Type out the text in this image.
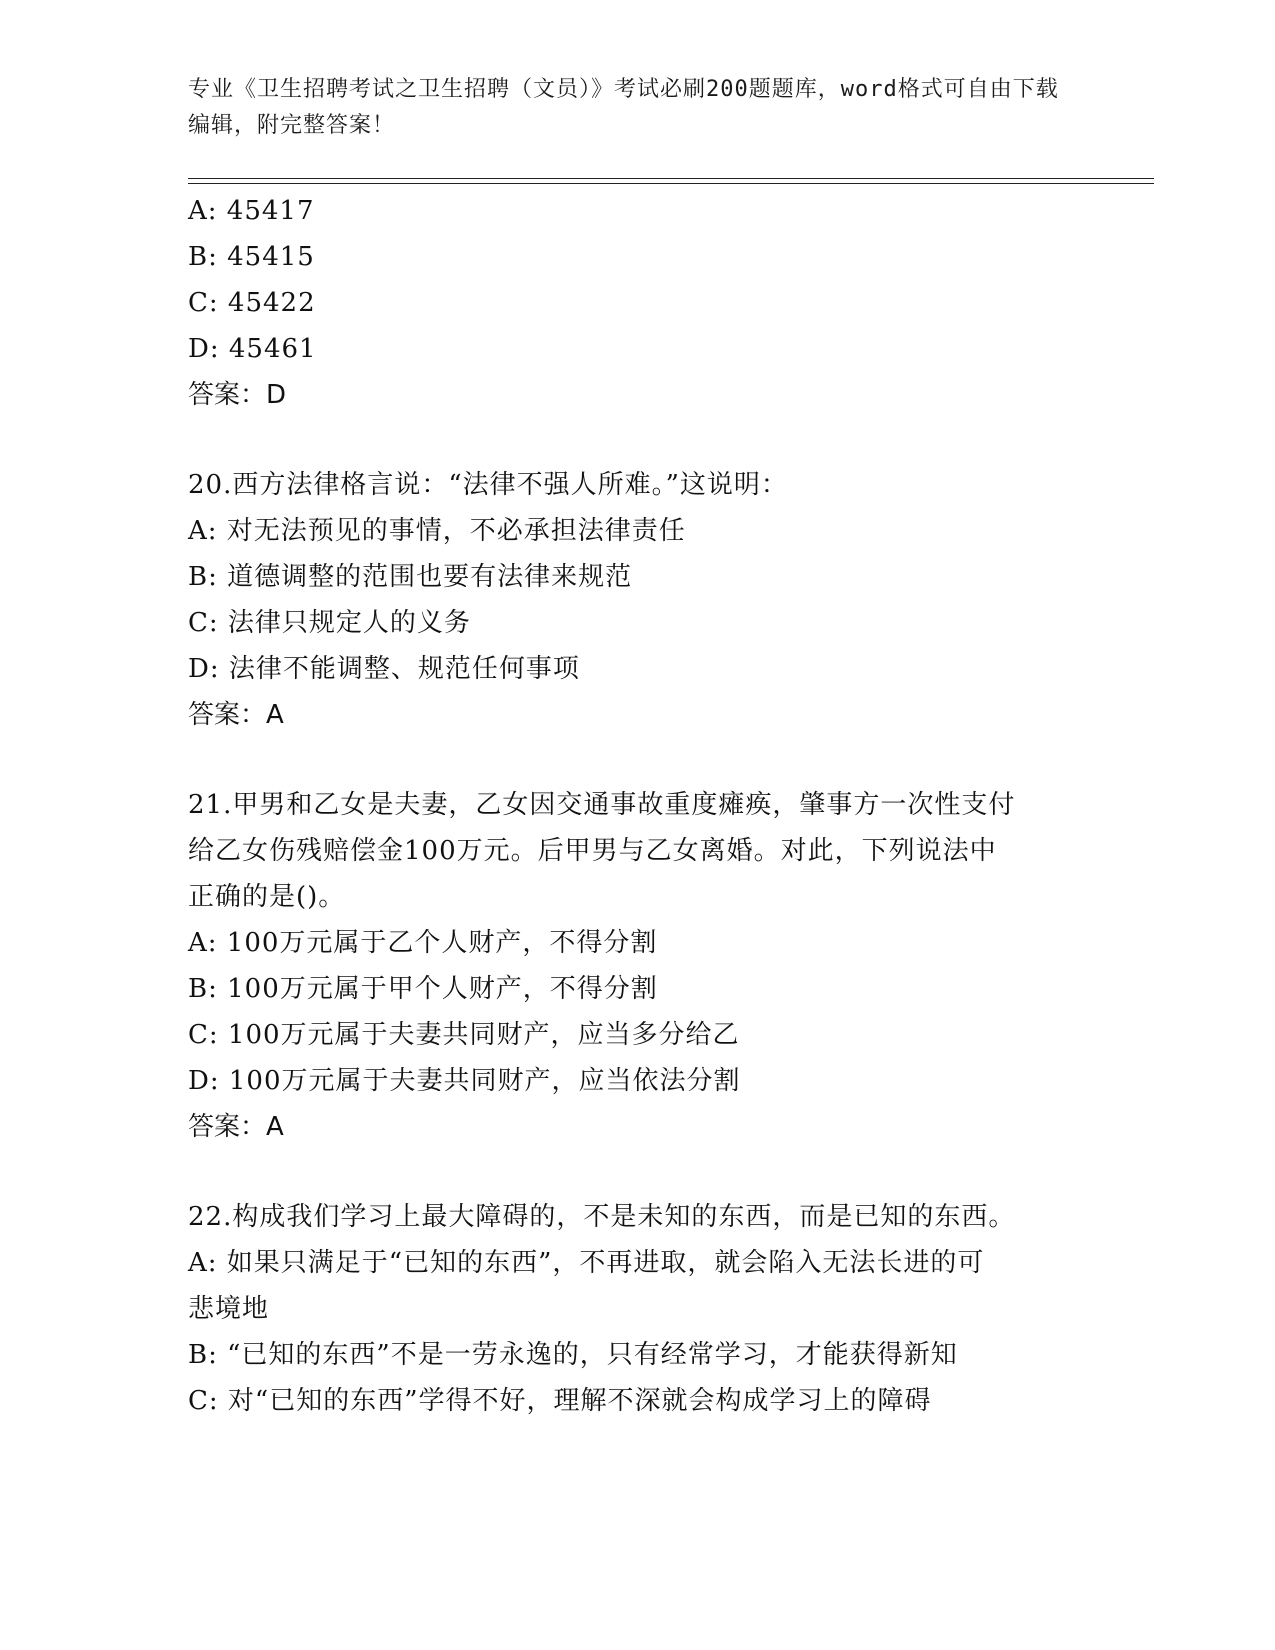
专业《卫生招聘考试之卫生招聘（文员）》考试必刷200题题库，word格式可自由下载编辑，附完整答案！
A: 45417
B: 45415
C: 45422
D: 45461
答案：D
20.西方法律格言说：“法律不强人所难。”这说明：
A: 对无法预见的事情，不必承担法律责任
B: 道德调整的范围也要有法律来规范
C: 法律只规定人的义务
D: 法律不能调整、规范任何事项
答案：A
21.甲男和乙女是夫妻，乙女因交通事故重度瘫痪，肇事方一次性支付
给乙女伤残赔偿金100万元。后甲男与乙女离婚。对此，下列说法中
正确的是()。
A: 100万元属于乙个人财产，不得分割
B: 100万元属于甲个人财产，不得分割
C: 100万元属于夫妻共同财产，应当多分给乙
D: 100万元属于夫妻共同财产，应当依法分割
答案：A
22.构成我们学习上最大障碍的，不是未知的东西，而是已知的东西。
A: 如果只满足于“已知的东西”，不再进取，就会陷入无法长进的可
悲境地
B: “已知的东西”不是一劳永逸的，只有经常学习，才能获得新知
C: 对“已知的东西”学得不好，理解不深就会构成学习上的障碍
